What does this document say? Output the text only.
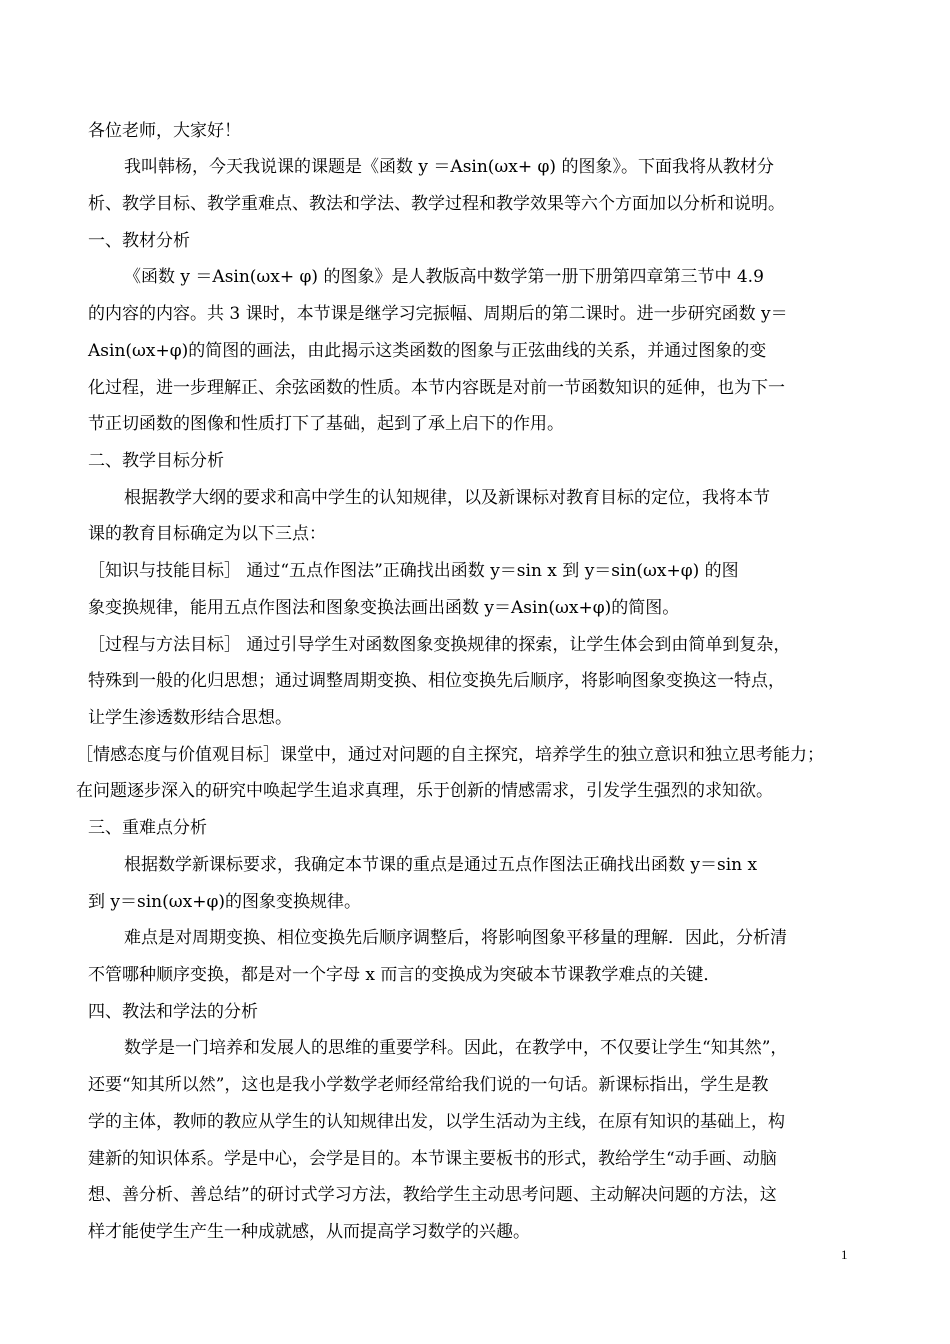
各位老师，大家好！
我叫韩杨，今天我说课的课题是《函数 y ＝Asin(ωx+ φ) 的图象》。下面我将从教材分
析、教学目标、教学重难点、教法和学法、教学过程和教学效果等六个方面加以分析和说明。
一、教材分析
《函数 y ＝Asin(ωx+ φ) 的图象》是人教版高中数学第一册下册第四章第三节中 4.9
的内容的内容。共 3 课时，本节课是继学习完振幅、周期后的第二课时。进一步研究函数 y＝
Asin(ωx+φ)的简图的画法，由此揭示这类函数的图象与正弦曲线的关系，并通过图象的变
化过程，进一步理解正、余弦函数的性质。本节内容既是对前一节函数知识的延伸，也为下一
节正切函数的图像和性质打下了基础，起到了承上启下的作用。
二、教学目标分析
根据教学大纲的要求和高中学生的认知规律，以及新课标对教育目标的定位，我将本节
课的教育目标确定为以下三点：
［知识与技能目标］ 通过“五点作图法”正确找出函数 y＝sin x 到 y＝sin(ωx+φ) 的图
象变换规律，能用五点作图法和图象变换法画出函数 y＝Asin(ωx+φ)的简图。
［过程与方法目标］ 通过引导学生对函数图象变换规律的探索，让学生体会到由简单到复杂，
特殊到一般的化归思想；通过调整周期变换、相位变换先后顺序，将影响图象变换这一特点，
让学生渗透数形结合思想。
［情感态度与价值观目标］课堂中，通过对问题的自主探究，培养学生的独立意识和独立思考能力；
在问题逐步深入的研究中唤起学生追求真理，乐于创新的情感需求，引发学生强烈的求知欲。
三、重难点分析
根据数学新课标要求，我确定本节课的重点是通过五点作图法正确找出函数 y＝sin x
到 y＝sin(ωx+φ)的图象变换规律。
难点是对周期变换、相位变换先后顺序调整后，将影响图象平移量的理解．因此，分析清
不管哪种顺序变换，都是对一个字母 x 而言的变换成为突破本节课教学难点的关键．
四、教法和学法的分析
数学是一门培养和发展人的思维的重要学科。因此，在教学中，不仅要让学生“知其然”，
还要“知其所以然”，这也是我小学数学老师经常给我们说的一句话。新课标指出，学生是教
学的主体，教师的教应从学生的认知规律出发，以学生活动为主线，在原有知识的基础上，构
建新的知识体系。学是中心，会学是目的。本节课主要板书的形式，教给学生“动手画、动脑
想、善分析、善总结”的研讨式学习方法，教给学生主动思考问题、主动解决问题的方法，这
样才能使学生产生一种成就感，从而提高学习数学的兴趣。
1
